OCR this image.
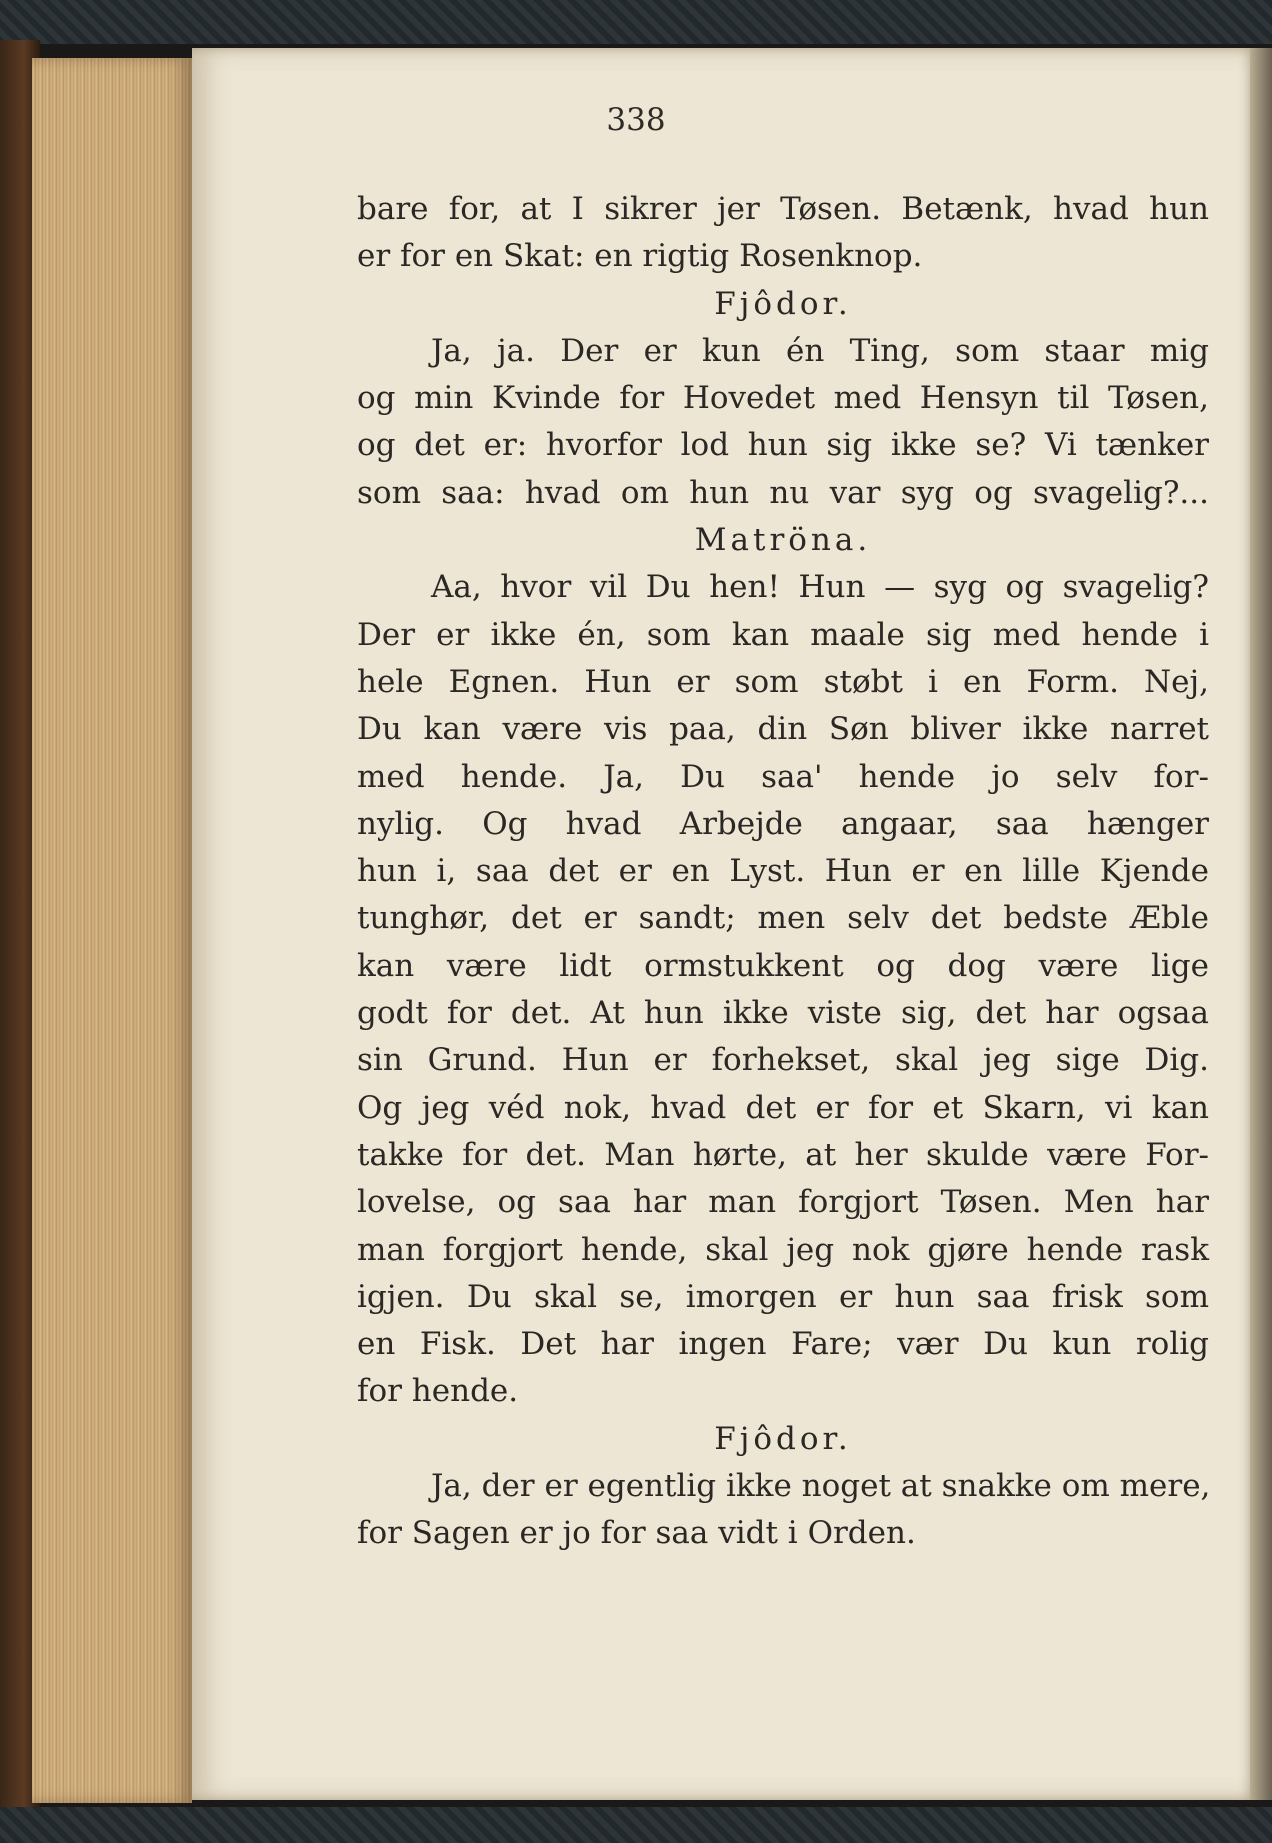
338
bare for, at I sikrer jer Tøsen. Betænk, hvad hun
er for en Skat: en rigtig Rosenknop.
Fjôdor.
Ja, ja. Der er kun én Ting, som staar mig
og min Kvinde for Hovedet med Hensyn til Tøsen,
og det er: hvorfor lod hun sig ikke se? Vi tænker
som saa: hvad om hun nu var syg og svagelig?...
Matröna.
Aa, hvor vil Du hen! Hun — syg og svagelig?
Der er ikke én, som kan maale sig med hende i
hele Egnen. Hun er som støbt i en Form. Nej,
Du kan være vis paa, din Søn bliver ikke narret
med hende. Ja, Du saa' hende jo selv for-
nylig. Og hvad Arbejde angaar, saa hænger
hun i, saa det er en Lyst. Hun er en lille Kjende
tunghør, det er sandt; men selv det bedste Æble
kan være lidt ormstukkent og dog være lige
godt for det. At hun ikke viste sig, det har ogsaa
sin Grund. Hun er forhekset, skal jeg sige Dig.
Og jeg véd nok, hvad det er for et Skarn, vi kan
takke for det. Man hørte, at her skulde være For-
lovelse, og saa har man forgjort Tøsen. Men har
man forgjort hende, skal jeg nok gjøre hende rask
igjen. Du skal se, imorgen er hun saa frisk som
en Fisk. Det har ingen Fare; vær Du kun rolig
for hende.
Fjôdor.
Ja, der er egentlig ikke noget at snakke om mere,
for Sagen er jo for saa vidt i Orden.
